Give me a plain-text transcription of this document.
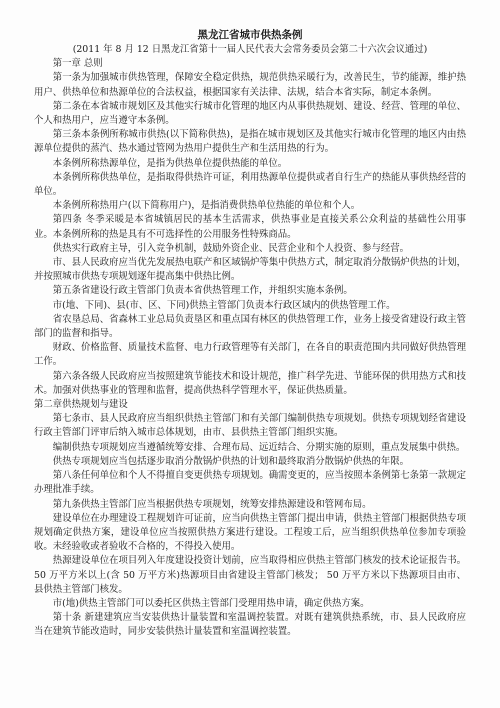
黑龙江省城市供热条例
(2011 年 8 月 12 日黑龙江省第十一届人民代表大会常务委员会第二十六次会议通过)

第一章 总则

第一条为加强城市供热管理，保障安全稳定供热，规范供热采暖行为，改善民生，节约能源，维护热用户、供热单位和热源单位的合法权益，根据国家有关法律、法规，结合本省实际，制定本条例。

第二条在本省城市规划区及其他实行城市化管理的地区内从事供热规划、建设、经营、管理的单位、个人和热用户，应当遵守本条例。

第三条本条例所称城市供热(以下简称供热)，是指在城市规划区及其他实行城市化管理的地区内由热源单位提供的蒸汽、热水通过管网为热用户提供生产和生活用热的行为。

本条例所称热源单位，是指为供热单位提供热能的单位。

本条例所称供热单位，是指取得供热许可证，利用热源单位提供或者自行生产的热能从事供热经营的单位。

本条例所称热用户(以下简称用户)，是指消费供热单位热能的单位和个人。

第四条 冬季采暖是本省城镇居民的基本生活需求，供热事业是直接关系公众利益的基础性公用事业。本条例所称的热是具有不可选择性的公用服务性特殊商品。

供热实行政府主导，引入竞争机制，鼓励外资企业、民营企业和个人投资、参与经营。

市、县人民政府应当优先发展热电联产和区域锅炉等集中供热方式，制定取消分散锅炉供热的计划，并按照城市供热专项规划逐年提高集中供热比例。

第五条省建设行政主管部门负责本省供热管理工作，并组织实施本条例。

市(地、下同)、县(市、区、下同)供热主管部门负责本行政区域内的供热管理工作。

省农垦总局、省森林工业总局负责垦区和重点国有林区的供热管理工作，业务上接受省建设行政主管部门的监督和指导。

财政、价格监督、质量技术监督、电力行政管理等有关部门，在各自的职责范围内共同做好供热管理工作。

第六条各级人民政府应当按照建筑节能技术和设计规范，推广科学先进、节能环保的供用热方式和技术。加强对供热事业的管理和监督，提高供热科学管理水平，保证供热质量。

第二章供热规划与建设

第七条市、县人民政府应当组织供热主管部门和有关部门编制供热专项规划。供热专项规划经省建设行政主管部门评审后纳入城市总体规划，由市、县供热主管部门组织实施。

编制供热专项规划应当遵循统筹安排、合理布局、远近结合、分期实施的原则，重点发展集中供热。

供热专项规划应当包括逐步取消分散锅炉供热的计划和最终取消分散锅炉供热的年限。

第八条任何单位和个人不得擅自变更供热专项规划。确需变更的，应当按照本条例第七条第一款规定办理批准手续。

第九条供热主管部门应当根据供热专项规划，统筹安排热源建设和管网布局。

建设单位在办理建设工程规划许可证前，应当向供热主管部门提出申请，供热主管部门根据供热专项规划确定供热方案，建设单位应当按照供热方案进行建设。工程竣工后，应当组织供热单位参加专项验收。未经验收或者验收不合格的，不得投入使用。

热源建设单位在项目列入年度建设投资计划前，应当取得相应供热主管部门核发的技术论证报告书。50 万平方米以上(含 50 万平方米)热源项目由省建设主管部门核发； 50 万平方米以下热源项目由市、县供热主管部门核发。

市(地)供热主管部门可以委托区供热主管部门受理用热申请，确定供热方案。

第十条 新建建筑应当安装供热计量装置和室温调控装置。对既有建筑供热系统，市、县人民政府应当在建筑节能改造时，同步安装供热计量装置和室温调控装置。
